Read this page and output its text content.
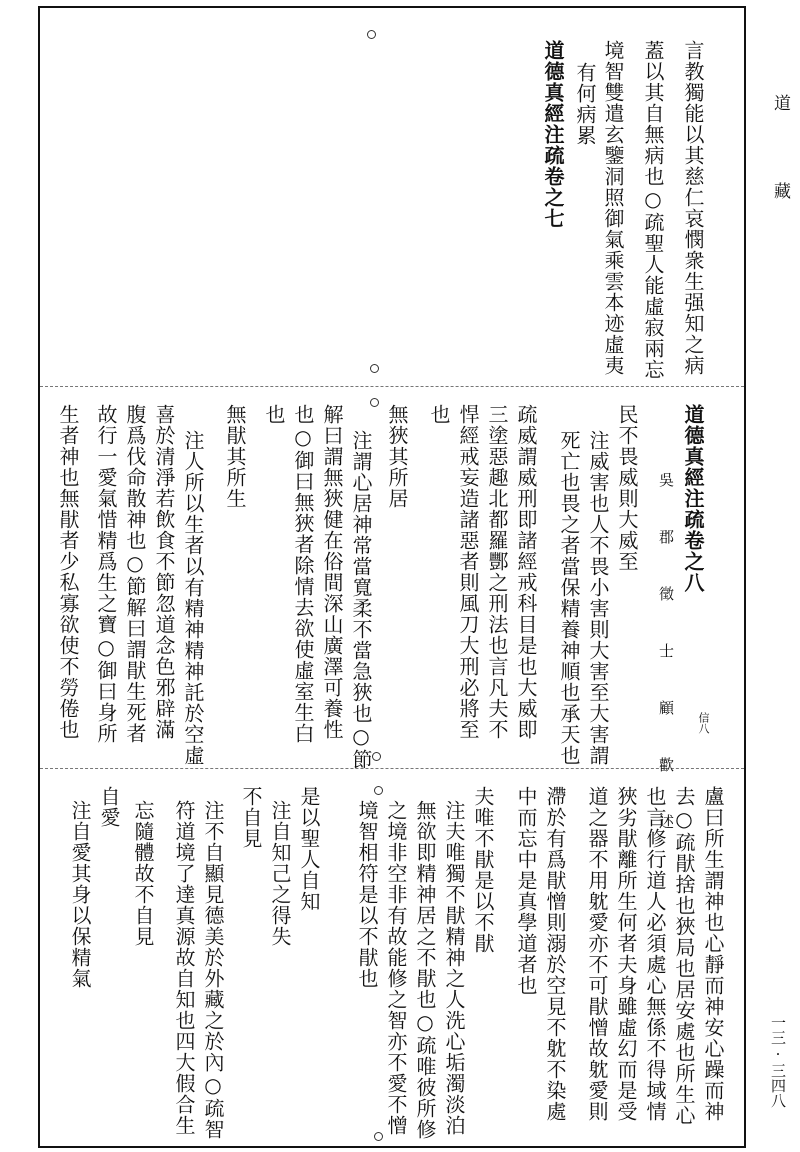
道
藏
一三·三四八
言教獨能以其慈仁哀憫衆生强知之病
蓋以其自無病也○疏聖人能虛寂兩忘
境智雙遣玄鑒洞照御氣乘雲本迹虛夷
有何病累
道德真經注疏卷之七
道德真經注疏卷之八
吳 郡 徵 士 顧 歡 述
民不畏威則大威至
注威害也人不畏小害則大害至大害謂
死亡也畏之者當保精養神順也承天也
疏威謂威刑即諸經戒科目是也大威即
三塗惡趣北都羅酆之刑法也言凡夫不
悍經戒妄造諸惡者則風刀大刑必將至
也
無狹其所居
注謂心居神常當寬柔不當急狹也○節
解曰謂無狹健在俗間深山廣澤可養性
也○御曰無狹者除情去欲使虛室生白
也
無猒其所生
注人所以生者以有精神精神託於空虛
喜於清淨若飲食不節忽道念色邪辟滿
腹爲伐命散神也○節解曰謂猒生死者
故行一愛氣惜精爲生之寶○御曰身所
生者神也無猒者少私寡欲使不勞倦也	信八
盧曰所生謂神也心靜而神安心躁而神
去○疏猒捨也狹局也居安處也所生心
也言修行道人必須處心無係不得域情
狹劣猒離所生何者夫身雖虛幻而是受
道之器不用躭愛亦不可猒憎故躭愛則
滯於有爲猒憎則溺於空見不躭不染處
中而忘中是真學道者也
夫唯不猒是以不猒
注夫唯獨不猒精神之人洗心垢濁淡泊
無欲即精神居之不猒也○疏唯彼所修
之境非空非有故能修之智亦不愛不憎
境智相符是以不猒也
是以聖人自知
注自知己之得失
不自見
注不自顯見德美於外藏之於內○疏智
符道境了達真源故自知也四大假合生
忘隨體故不自見
自愛
注自愛其身以保精氣
